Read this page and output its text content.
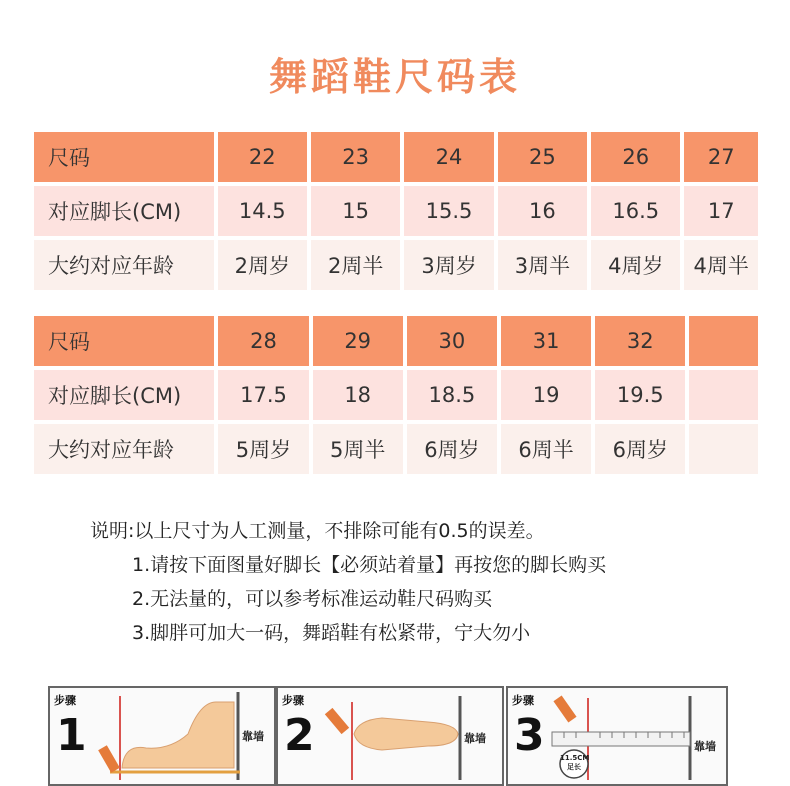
舞蹈鞋尺码表
尺码	22	23	24	25	26	27
对应脚长(CM)	14.5	15	15.5	16	16.5	17
大约对应年龄	2周岁	2周半	3周岁	3周半	4周岁	4周半
尺码	28	29	30	31	32	
对应脚长(CM)	17.5	18	18.5	19	19.5	
大约对应年龄	5周岁	5周半	6周岁	6周半	6周岁	
说明:以上尺寸为人工测量，不排除可能有0.5的误差。
1.请按下面图量好脚长【必须站着量】再按您的脚长购买
2.无法量的，可以参考标准运动鞋尺码购买
3.脚胖可加大一码，舞蹈鞋有松紧带，宁大勿小
步骤
1	靠墙
步骤
2	靠墙
步骤
3	靠墙
11.5CM
足长
